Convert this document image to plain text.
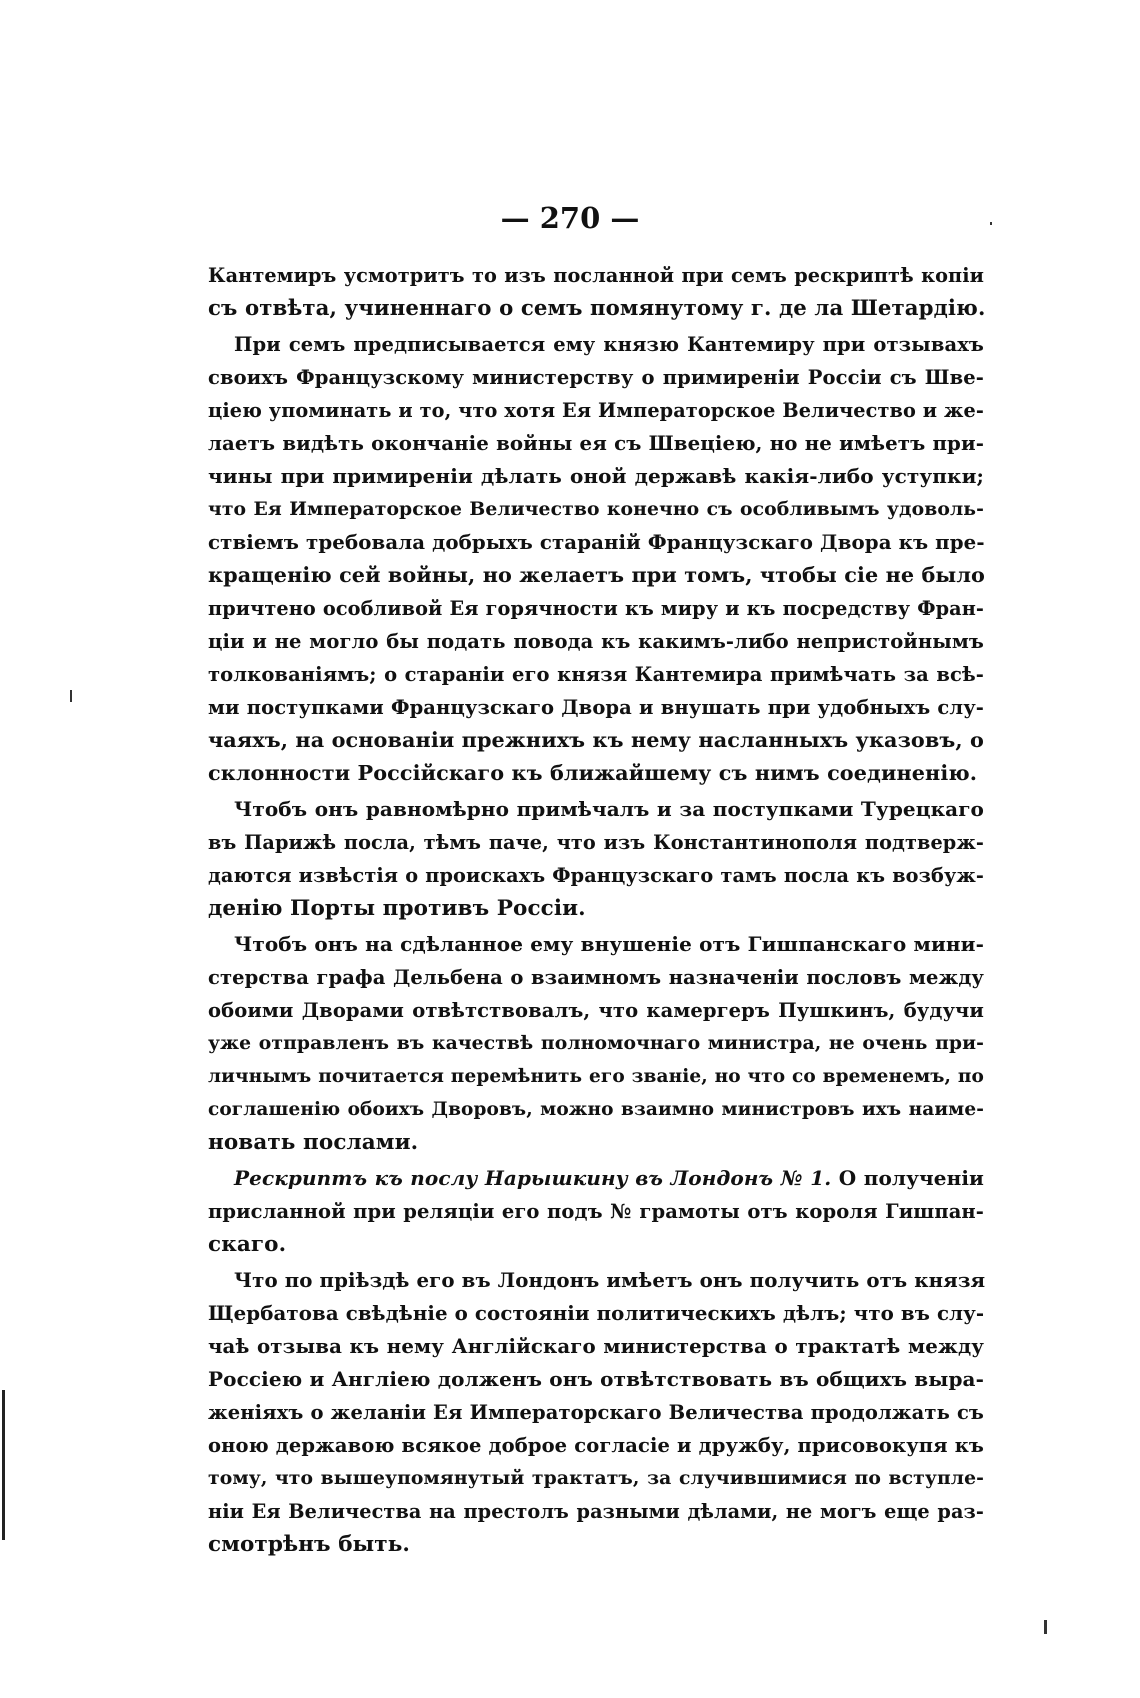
— 270 —
Кантемиръ усмотритъ то изъ посланной при семъ рескриптѣ копіи
съ отвѣта, учиненнаго о семъ помянутому г. де ла Шетардію.
При семъ предписывается ему князю Кантемиру при отзывахъ
своихъ Французскому министерству о примиреніи Россіи съ Шве-
ціею упоминать и то, что хотя Ея Императорское Величество и же-
лаетъ видѣть окончаніе войны ея съ Швеціею, но не имѣетъ при-
чины при примиреніи дѣлать оной державѣ какія-либо уступки;
что Ея Императорское Величество конечно съ особливымъ удоволь-
ствіемъ требовала добрыхъ стараній Французскаго Двора къ пре-
кращенію сей войны, но желаетъ при томъ, чтобы сіе не было
причтено особливой Ея горячности къ миру и къ посредству Фран-
ціи и не могло бы подать повода къ какимъ-либо непристойнымъ
толкованіямъ; о стараніи его князя Кантемира примѣчать за всѣ-
ми поступками Французскаго Двора и внушать при удобныхъ слу-
чаяхъ, на основаніи прежнихъ къ нему насланныхъ указовъ, о
склонности Россійскаго къ ближайшему съ нимъ соединенію.
Чтобъ онъ равномѣрно примѣчалъ и за поступками Турецкаго
въ Парижѣ посла, тѣмъ паче, что изъ Константинополя подтверж-
даются извѣстія о проискахъ Французскаго тамъ посла къ возбуж-
денію Порты противъ Россіи.
Чтобъ онъ на сдѣланное ему внушеніе отъ Гишпанскаго мини-
стерства графа Дельбена о взаимномъ назначеніи пословъ между
обоими Дворами отвѣтствовалъ, что камергеръ Пушкинъ, будучи
уже отправленъ въ качествѣ полномочнаго министра, не очень при-
личнымъ почитается перемѣнить его званіе, но что со временемъ, по
соглашенію обоихъ Дворовъ, можно взаимно министровъ ихъ наиме-
новать послами.
Рескриптъ къ послу Нарышкину въ Лондонъ № 1. О полученіи
присланной при реляціи его подъ № грамоты отъ короля Гишпан-
скаго.
Что по пріѣздѣ его въ Лондонъ имѣетъ онъ получить отъ князя
Щербатова свѣдѣніе о состояніи политическихъ дѣлъ; что въ слу-
чаѣ отзыва къ нему Англійскаго министерства о трактатѣ между
Россіею и Англіею долженъ онъ отвѣтствовать въ общихъ выра-
женіяхъ о желаніи Ея Императорскаго Величества продолжать съ
оною державою всякое доброе согласіе и дружбу, присовокупя къ
тому, что вышеупомянутый трактатъ, за случившимися по вступле-
ніи Ея Величества на престолъ разными дѣлами, не могъ еще раз-
смотрѣнъ быть.
